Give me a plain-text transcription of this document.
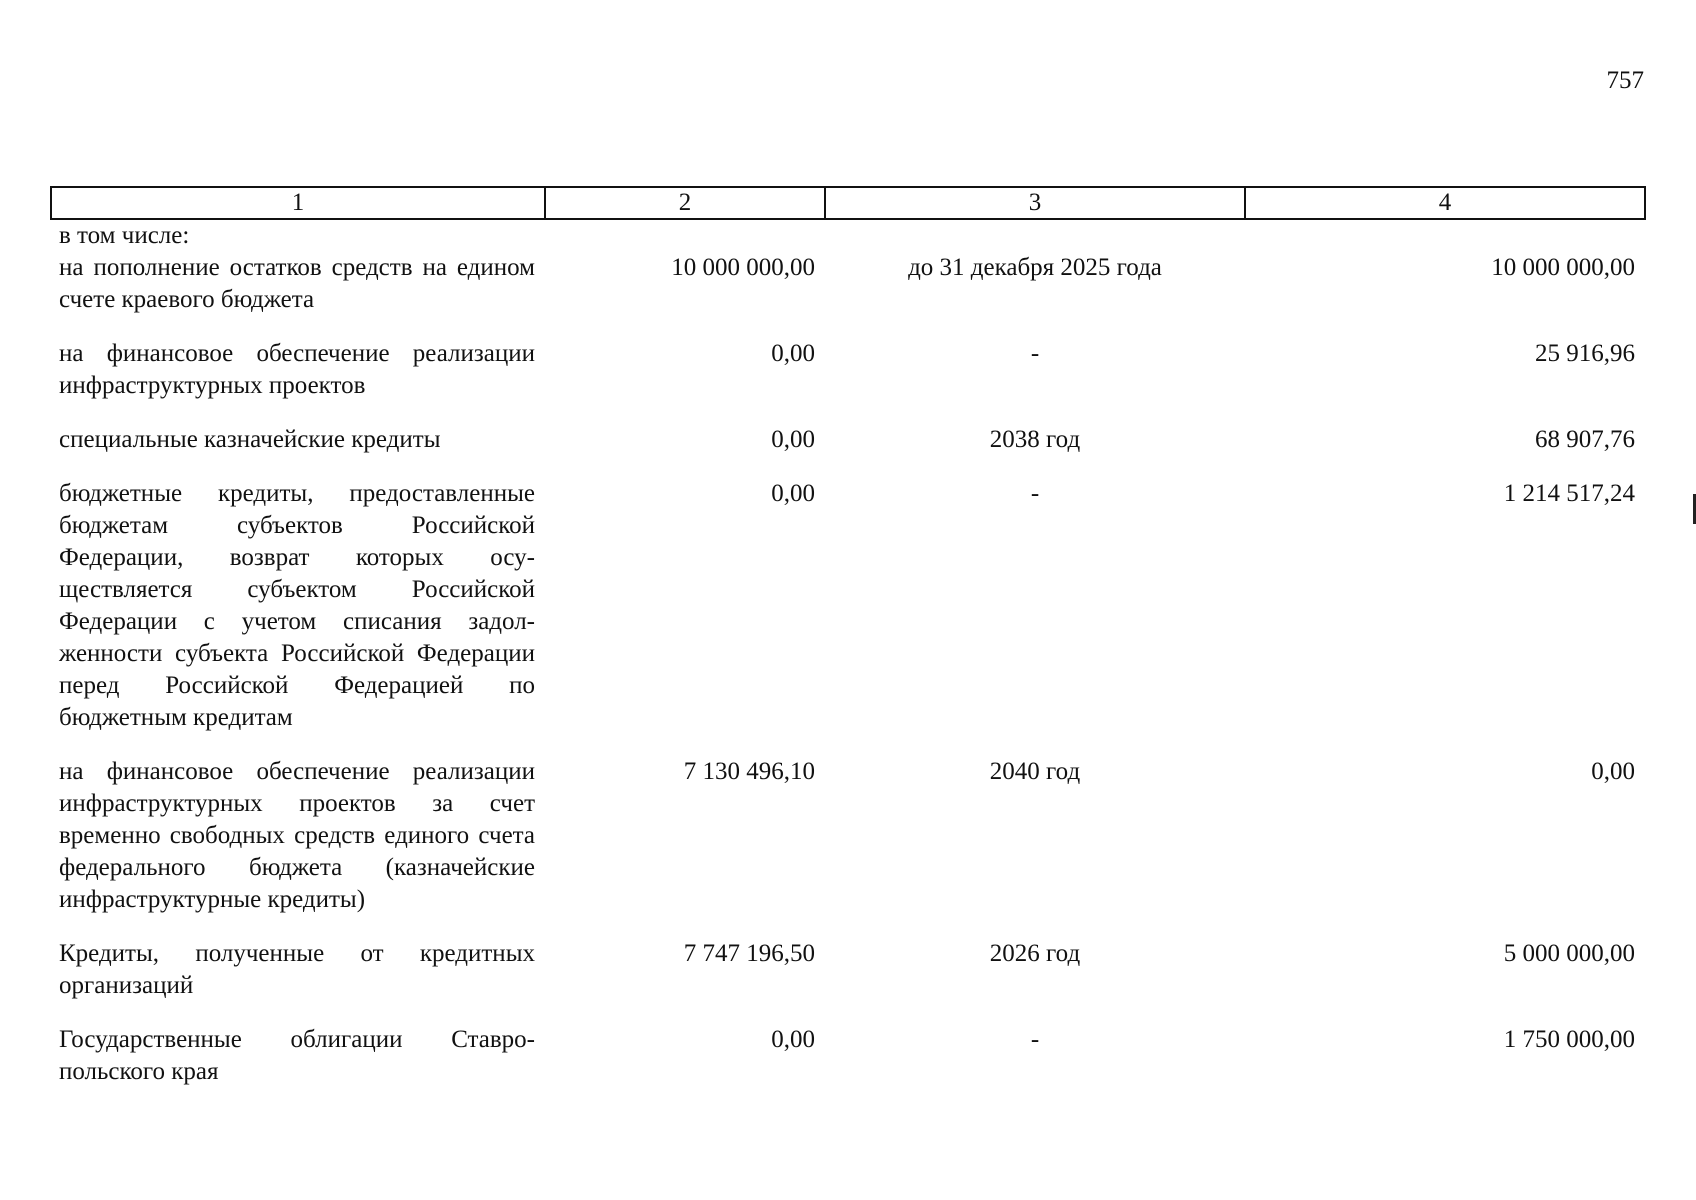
757
1	2	3	4
в том числе:			
на пополнение остатков средств на едином счете краевого бюджета	10 000 000,00	до 31 декабря 2025 года	10 000 000,00
на финансовое обеспечение реализации инфраструктурных проектов	0,00	-	25 916,96
специальные казначейские кредиты	0,00	2038 год	68 907,76
бюджетные кредиты, предоставленные бюджетам субъектов Российской Федерации, возврат которых осуществляется субъектом Российской Федерации с учетом списания задолженности субъекта Российской Федерации перед Российской Федерацией по бюджетным кредитам	0,00	-	1 214 517,24
на финансовое обеспечение реализации инфраструктурных проектов за счет временно свободных средств единого счета федерального бюджета (казначейские инфраструктурные кредиты)	7 130 496,10	2040 год	0,00
Кредиты, полученные от кредитных организаций	7 747 196,50	2026 год	5 000 000,00
Государственные облигации Ставропольского края	0,00	-	1 750 000,00
